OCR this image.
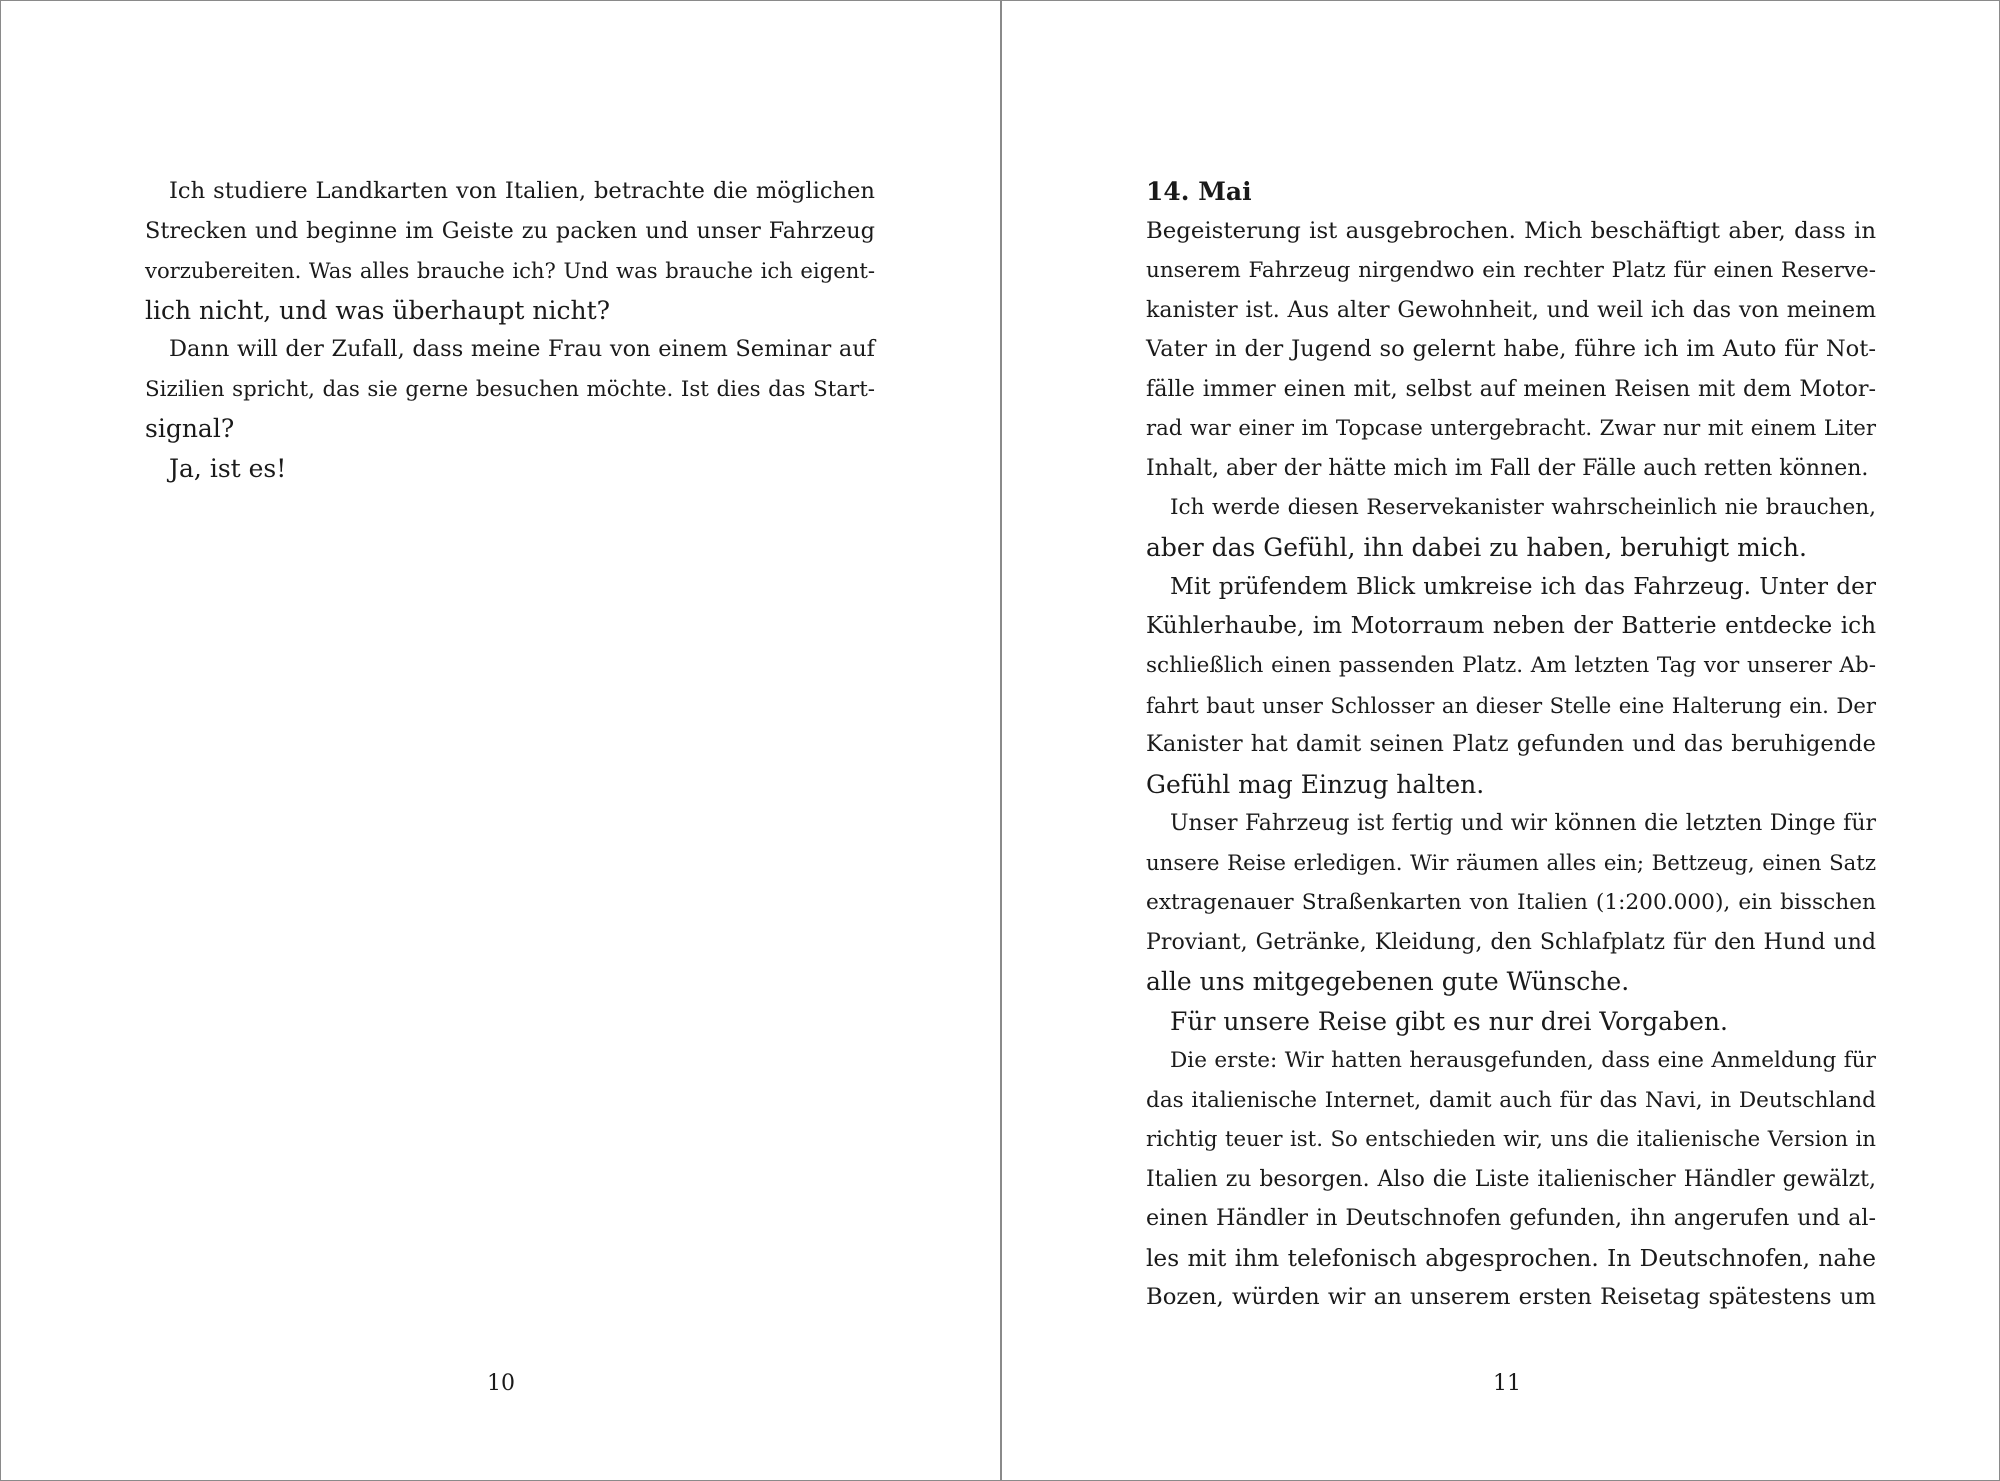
Ich studiere Landkarten von Italien, betrachte die möglichen
Strecken und beginne im Geiste zu packen und unser Fahrzeug
vorzubereiten. Was alles brauche ich? Und was brauche ich eigent-
lich nicht, und was überhaupt nicht?
Dann will der Zufall, dass meine Frau von einem Seminar auf
Sizilien spricht, das sie gerne besuchen möchte. Ist dies das Start-
signal?
Ja, ist es!
10
14. Mai
Begeisterung ist ausgebrochen. Mich beschäftigt aber, dass in
unserem Fahrzeug nirgendwo ein rechter Platz für einen Reserve-
kanister ist. Aus alter Gewohnheit, und weil ich das von meinem
Vater in der Jugend so gelernt habe, führe ich im Auto für Not-
fälle immer einen mit, selbst auf meinen Reisen mit dem Motor-
rad war einer im Topcase untergebracht. Zwar nur mit einem Liter
Inhalt, aber der hätte mich im Fall der Fälle auch retten können.
Ich werde diesen Reservekanister wahrscheinlich nie brauchen,
aber das Gefühl, ihn dabei zu haben, beruhigt mich.
Mit prüfendem Blick umkreise ich das Fahrzeug. Unter der
Kühlerhaube, im Motorraum neben der Batterie entdecke ich
schließlich einen passenden Platz. Am letzten Tag vor unserer Ab-
fahrt baut unser Schlosser an dieser Stelle eine Halterung ein. Der
Kanister hat damit seinen Platz gefunden und das beruhigende
Gefühl mag Einzug halten.
Unser Fahrzeug ist fertig und wir können die letzten Dinge für
unsere Reise erledigen. Wir räumen alles ein; Bettzeug, einen Satz
extragenauer Straßenkarten von Italien (1:200.000), ein bisschen
Proviant, Getränke, Kleidung, den Schlafplatz für den Hund und
alle uns mitgegebenen gute Wünsche.
Für unsere Reise gibt es nur drei Vorgaben.
Die erste: Wir hatten herausgefunden, dass eine Anmeldung für
das italienische Internet, damit auch für das Navi, in Deutschland
richtig teuer ist. So entschieden wir, uns die italienische Version in
Italien zu besorgen. Also die Liste italienischer Händler gewälzt,
einen Händler in Deutschnofen gefunden, ihn angerufen und al-
les mit ihm telefonisch abgesprochen. In Deutschnofen, nahe
Bozen, würden wir an unserem ersten Reisetag spätestens um
11
